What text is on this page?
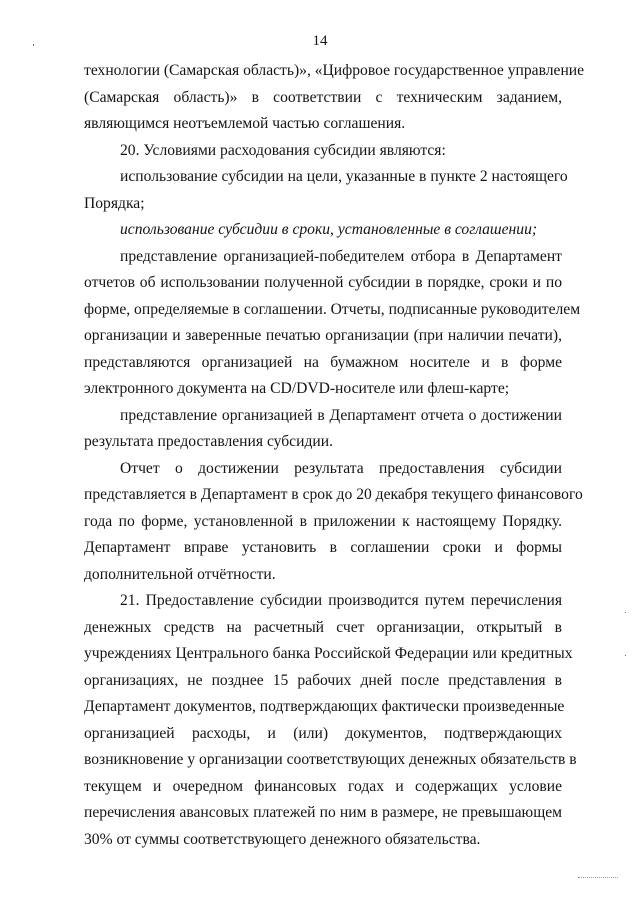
14
технологии (Самарская область)», «Цифровое государственное управление
(Самарская область)» в соответствии с техническим заданием,
являющимся неотъемлемой частью соглашения.
20. Условиями расходования субсидии являются:
использование субсидии на цели, указанные в пункте 2 настоящего
Порядка;
использование субсидии в сроки, установленные в соглашении;
представление организацией-победителем отбора в Департамент
отчетов об использовании полученной субсидии в порядке, сроки и по
форме, определяемые в соглашении. Отчеты, подписанные руководителем
организации и заверенные печатью организации (при наличии печати),
представляются организацией на бумажном носителе и в форме
электронного документа на CD/DVD-носителе или флеш-карте;
представление организацией в Департамент отчета о достижении
результата предоставления субсидии.
Отчет о достижении результата предоставления субсидии
представляется в Департамент в срок до 20 декабря текущего финансового
года по форме, установленной в приложении к настоящему Порядку.
Департамент вправе установить в соглашении сроки и формы
дополнительной отчётности.
21. Предоставление субсидии производится путем перечисления
денежных средств на расчетный счет организации, открытый в
учреждениях Центрального банка Российской Федерации или кредитных
организациях, не позднее 15 рабочих дней после представления в
Департамент документов, подтверждающих фактически произведенные
организацией расходы, и (или) документов, подтверждающих
возникновение у организации соответствующих денежных обязательств в
текущем и очередном финансовых годах и содержащих условие
перечисления авансовых платежей по ним в размере, не превышающем
30% от суммы соответствующего денежного обязательства.
